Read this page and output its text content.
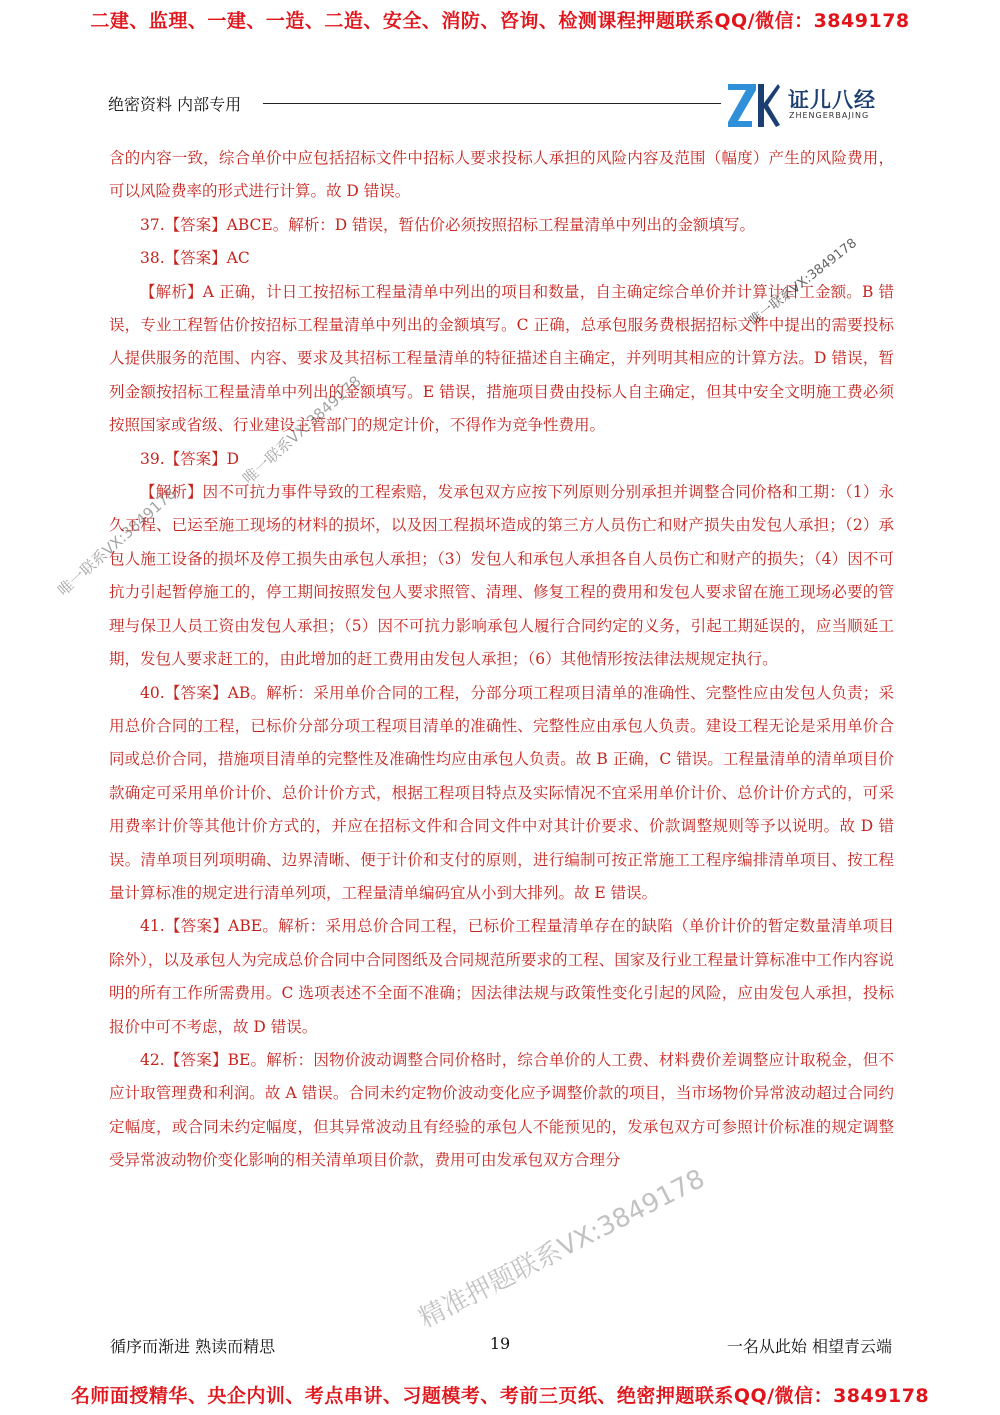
二建、监理、一建、一造、二造、安全、消防、咨询、检测课程押题联系QQ/微信：3849178
绝密资料 内部专用	证儿八经
ZHENGERBAJING

含的内容一致，综合单价中应包括招标文件中招标人要求投标人承担的风险内容及范围（幅度）产生的风险费用，可以风险费率的形式进行计算。故 D 错误。

37.【答案】ABCE。解析：D 错误，暂估价必须按照招标工程量清单中列出的金额填写。

38.【答案】AC

【解析】A 正确，计日工按招标工程量清单中列出的项目和数量，自主确定综合单价并计算计日工金额。B 错误，专业工程暂估价按招标工程量清单中列出的金额填写。C 正确，总承包服务费根据招标文件中提出的需要投标人提供服务的范围、内容、要求及其招标工程量清单的特征描述自主确定，并列明其相应的计算方法。D 错误，暂列金额按招标工程量清单中列出的金额填写。E 错误，措施项目费由投标人自主确定，但其中安全文明施工费必须按照国家或省级、行业建设主管部门的规定计价，不得作为竞争性费用。

39.【答案】D

【解析】因不可抗力事件导致的工程索赔，发承包双方应按下列原则分别承担并调整合同价格和工期：（1）永久工程、已运至施工现场的材料的损坏，以及因工程损坏造成的第三方人员伤亡和财产损失由发包人承担；（2）承包人施工设备的损坏及停工损失由承包人承担；（3）发包人和承包人承担各自人员伤亡和财产的损失；（4）因不可抗力引起暂停施工的，停工期间按照发包人要求照管、清理、修复工程的费用和发包人要求留在施工现场必要的管理与保卫人员工资由发包人承担；（5）因不可抗力影响承包人履行合同约定的义务，引起工期延误的，应当顺延工期，发包人要求赶工的，由此增加的赶工费用由发包人承担；（6）其他情形按法律法规规定执行。

40.【答案】AB。解析：采用单价合同的工程，分部分项工程项目清单的准确性、完整性应由发包人负责；采用总价合同的工程，已标价分部分项工程项目清单的准确性、完整性应由承包人负责。建设工程无论是采用单价合同或总价合同，措施项目清单的完整性及准确性均应由承包人负责。故 B 正确，C 错误。工程量清单的清单项目价款确定可采用单价计价、总价计价方式，根据工程项目特点及实际情况不宜采用单价计价、总价计价方式的，可采用费率计价等其他计价方式的，并应在招标文件和合同文件中对其计价要求、价款调整规则等予以说明。故 D 错误。清单项目列项明确、边界清晰、便于计价和支付的原则，进行编制可按正常施工工程序编排清单项目、按工程量计算标准的规定进行清单列项，工程量清单编码宜从小到大排列。故 E 错误。

41.【答案】ABE。解析：采用总价合同工程，已标价工程量清单存在的缺陷（单价计价的暂定数量清单项目除外），以及承包人为完成总价合同中合同图纸及合同规范所要求的工程、国家及行业工程量计算标准中工作内容说明的所有工作所需费用。C 选项表述不全面不准确；因法律法规与政策性变化引起的风险，应由发包人承担，投标报价中可不考虑，故 D 错误。

42.【答案】BE。解析：因物价波动调整合同价格时，综合单价的人工费、材料费价差调整应计取税金，但不应计取管理费和利润。故 A 错误。合同未约定物价波动变化应予调整价款的项目，当市场物价异常波动超过合同约定幅度，或合同未约定幅度，但其异常波动且有经验的承包人不能预见的，发承包双方可参照计价标准的规定调整受异常波动物价变化影响的相关清单项目价款，费用可由发承包双方合理分

唯一联系VX:3849178
唯一联系VX:3849178
唯一联系VX:3849178
精准押题联系VX:3849178
循序而渐进 熟读而精思	19	一名从此始 相望青云端
名师面授精华、央企内训、考点串讲、习题模考、考前三页纸、绝密押题联系QQ/微信：3849178
